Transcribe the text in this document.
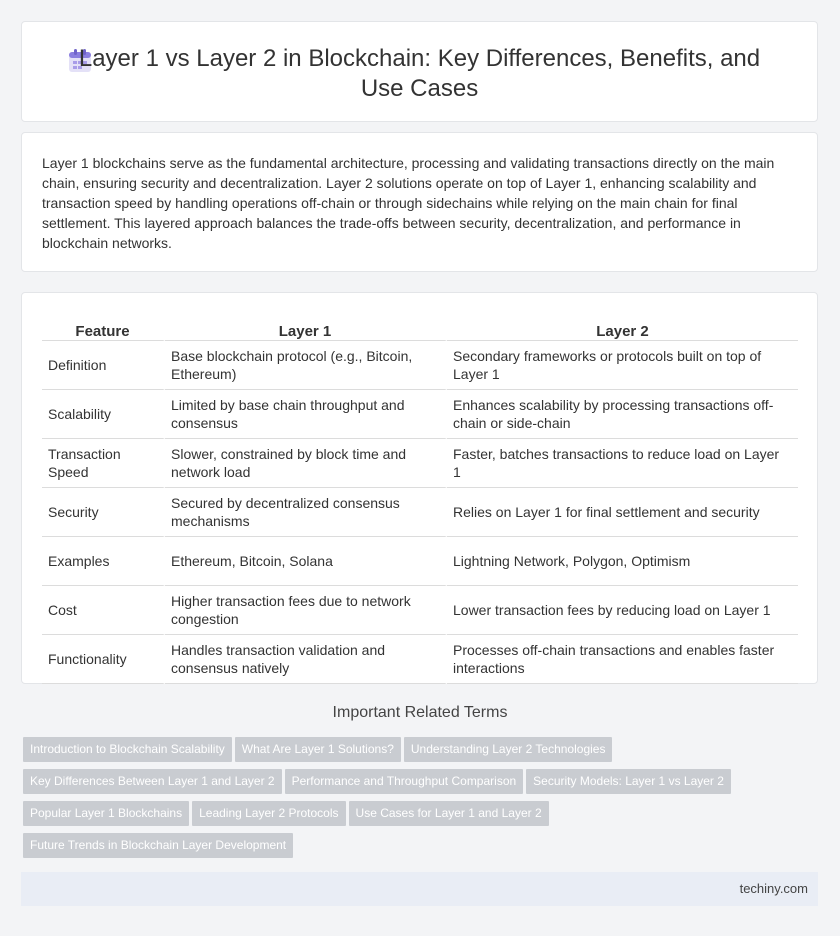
Layer 1 vs Layer 2 in Blockchain: Key Differences, Benefits, and Use Cases

Layer 1 blockchains serve as the fundamental architecture, processing and validating transactions directly on the main chain, ensuring security and decentralization. Layer 2 solutions operate on top of Layer 1, enhancing scalability and transaction speed by handling operations off-chain or through sidechains while relying on the main chain for final settlement. This layered approach balances the trade-offs between security, decentralization, and performance in blockchain networks.

Feature	Layer 1	Layer 2
Definition	Base blockchain protocol (e.g., Bitcoin, Ethereum)	Secondary frameworks or protocols built on top of Layer 1
Scalability	Limited by base chain throughput and consensus	Enhances scalability by processing transactions off-chain or side-chain
Transaction Speed	Slower, constrained by block time and network load	Faster, batches transactions to reduce load on Layer 1
Security	Secured by decentralized consensus mechanisms	Relies on Layer 1 for final settlement and security
Examples	Ethereum, Bitcoin, Solana	Lightning Network, Polygon, Optimism
Cost	Higher transaction fees due to network congestion	Lower transaction fees by reducing load on Layer 1
Functionality	Handles transaction validation and consensus natively	Processes off-chain transactions and enables faster interactions
Important Related Terms
Introduction to Blockchain Scalability What Are Layer 1 Solutions? Understanding Layer 2 Technologies
Key Differences Between Layer 1 and Layer 2 Performance and Throughput Comparison Security Models: Layer 1 vs Layer 2
Popular Layer 1 Blockchains Leading Layer 2 Protocols Use Cases for Layer 1 and Layer 2
Future Trends in Blockchain Layer Development
techiny.com
